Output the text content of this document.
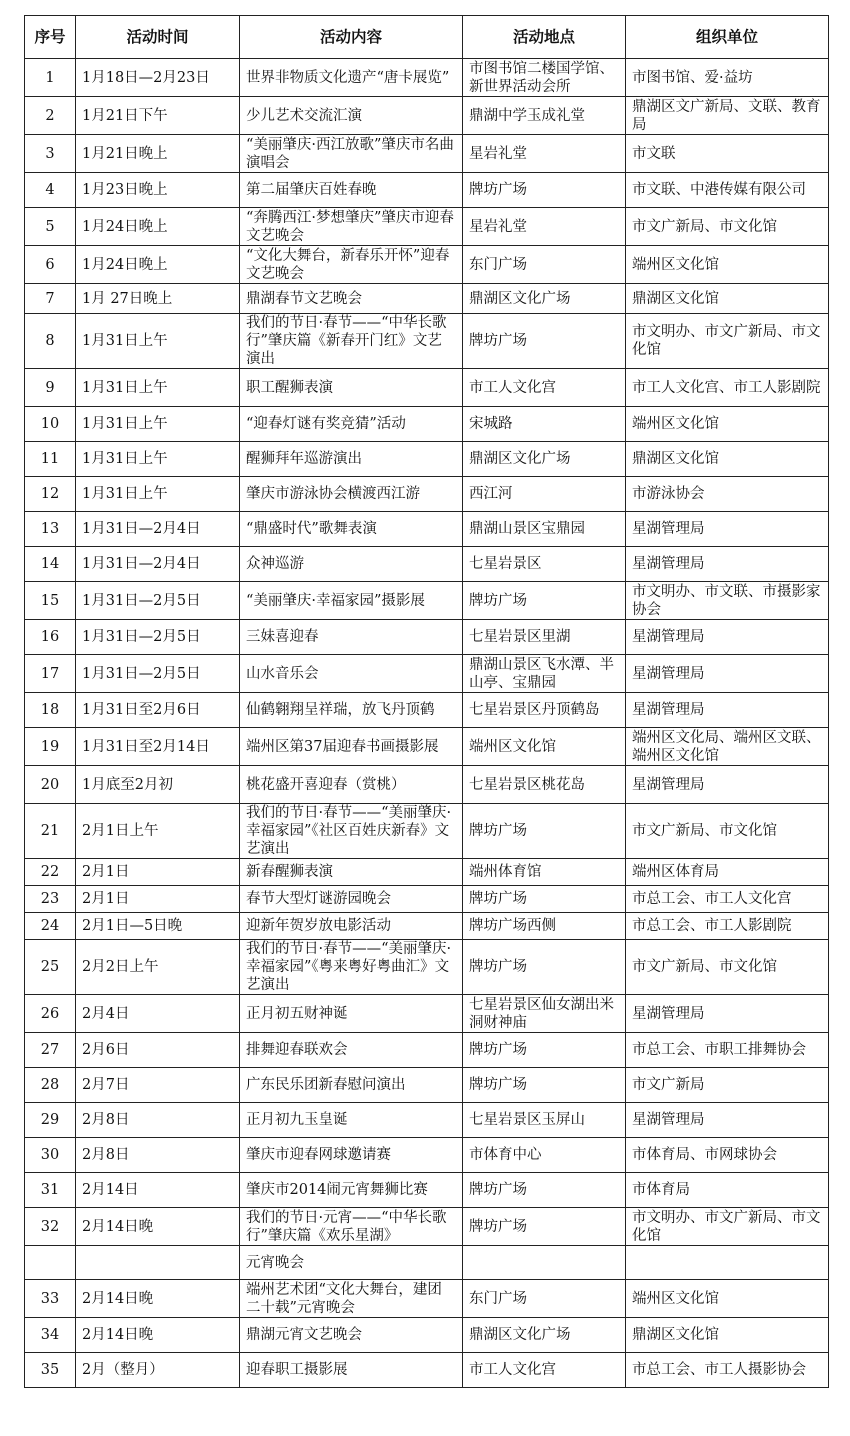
序号	活动时间	活动内容	活动地点	组织单位
1	1月18日—2月23日	世界非物质文化遗产“唐卡展览”	市图书馆二楼国学馆、新世界活动会所	市图书馆、爱·益坊
2	1月21日下午	少儿艺术交流汇演	鼎湖中学玉成礼堂	鼎湖区文广新局、文联、教育局
3	1月21日晚上	“美丽肇庆·西江放歌”肇庆市名曲演唱会	星岩礼堂	市文联
4	1月23日晚上	第二届肇庆百姓春晚	牌坊广场	市文联、中港传媒有限公司
5	1月24日晚上	“奔腾西江·梦想肇庆”肇庆市迎春文艺晚会	星岩礼堂	市文广新局、市文化馆
6	1月24日晚上	“文化大舞台，新春乐开怀”迎春文艺晚会	东门广场	端州区文化馆
7	1月 27日晚上	鼎湖春节文艺晚会	鼎湖区文化广场	鼎湖区文化馆
8	1月31日上午	我们的节日·春节——“中华长歌行”肇庆篇《新春开门红》文艺演出	牌坊广场	市文明办、市文广新局、市文化馆
9	1月31日上午	职工醒狮表演	市工人文化宫	市工人文化宫、市工人影剧院
10	1月31日上午	“迎春灯谜有奖竞猜”活动	宋城路	端州区文化馆
11	1月31日上午	醒狮拜年巡游演出	鼎湖区文化广场	鼎湖区文化馆
12	1月31日上午	肇庆市游泳协会横渡西江游	西江河	市游泳协会
13	1月31日—2月4日	“鼎盛时代”歌舞表演	鼎湖山景区宝鼎园	星湖管理局
14	1月31日—2月4日	众神巡游	七星岩景区	星湖管理局
15	1月31日—2月5日	“美丽肇庆·幸福家园”摄影展	牌坊广场	市文明办、市文联、市摄影家协会
16	1月31日—2月5日	三妹喜迎春	七星岩景区里湖	星湖管理局
17	1月31日—2月5日	山水音乐会	鼎湖山景区飞水潭、半山亭、宝鼎园	星湖管理局
18	1月31日至2月6日	仙鹤翱翔呈祥瑞，放飞丹顶鹤	七星岩景区丹顶鹤岛	星湖管理局
19	1月31日至2月14日	端州区第37届迎春书画摄影展	端州区文化馆	端州区文化局、端州区文联、端州区文化馆
20	1月底至2月初	桃花盛开喜迎春（赏桃）	七星岩景区桃花岛	星湖管理局
21	2月1日上午	我们的节日·春节——“美丽肇庆·幸福家园”《社区百姓庆新春》文艺演出	牌坊广场	市文广新局、市文化馆
22	2月1日	新春醒狮表演	端州体育馆	端州区体育局
23	2月1日	春节大型灯谜游园晚会	牌坊广场	市总工会、市工人文化宫
24	2月1日—5日晚	迎新年贺岁放电影活动	牌坊广场西侧	市总工会、市工人影剧院
25	2月2日上午	我们的节日·春节——“美丽肇庆·幸福家园”《粤来粤好粤曲汇》文艺演出	牌坊广场	市文广新局、市文化馆
26	2月4日	正月初五财神诞	七星岩景区仙女湖出米洞财神庙	星湖管理局
27	2月6日	排舞迎春联欢会	牌坊广场	市总工会、市职工排舞协会
28	2月7日	广东民乐团新春慰问演出	牌坊广场	市文广新局
29	2月8日	正月初九玉皇诞	七星岩景区玉屏山	星湖管理局
30	2月8日	肇庆市迎春网球邀请赛	市体育中心	市体育局、市网球协会
31	2月14日	肇庆市2014闹元宵舞狮比赛	牌坊广场	市体育局
32	2月14日晚	我们的节日·元宵——“中华长歌行”肇庆篇《欢乐星湖》	牌坊广场	市文明办、市文广新局、市文化馆
		元宵晚会		
33	2月14日晚	端州艺术团“文化大舞台，建团二十载”元宵晚会	东门广场	端州区文化馆
34	2月14日晚	鼎湖元宵文艺晚会	鼎湖区文化广场	鼎湖区文化馆
35	2月（整月）	迎春职工摄影展	市工人文化宫	市总工会、市工人摄影协会
